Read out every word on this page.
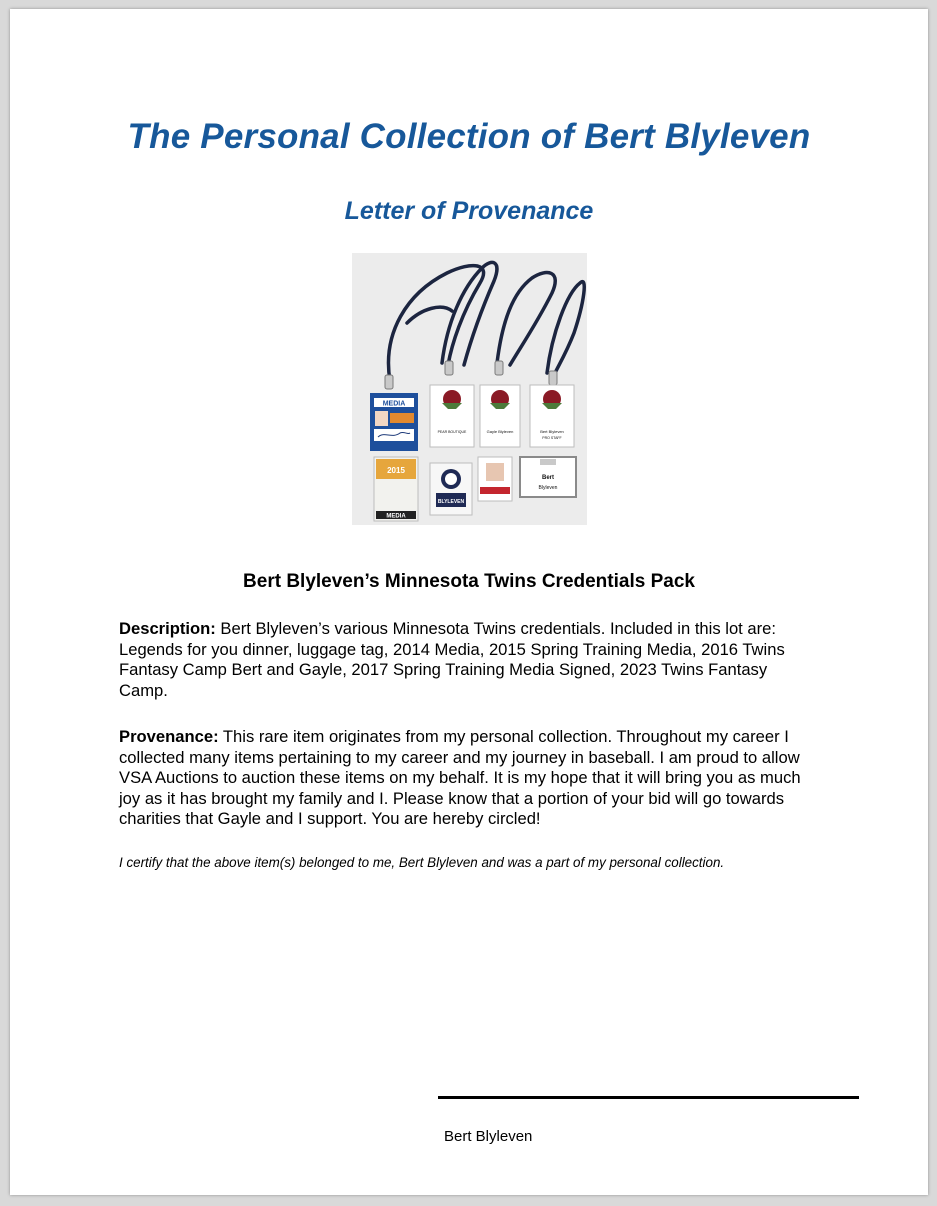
The Personal Collection of Bert Blyleven
Letter of Provenance
MEDIA
PEAR BOUTIQUE	Gayle Blyleven	Bert Blyleven
PRO STAFF
2015
MEDIA
BLYLEVEN
Bert
Blyleven
Bert Blyleven’s Minnesota Twins Credentials Pack

Description: Bert Blyleven’s various Minnesota Twins credentials. Included in this lot are: Legends for you dinner, luggage tag, 2014 Media, 2015 Spring Training Media, 2016 Twins Fantasy Camp Bert and Gayle, 2017 Spring Training Media Signed, 2023 Twins Fantasy Camp.

Provenance: This rare item originates from my personal collection. Throughout my career I collected many items pertaining to my career and my journey in baseball. I am proud to allow VSA Auctions to auction these items on my behalf. It is my hope that it will bring you as much joy as it has brought my family and I. Please know that a portion of your bid will go towards charities that Gayle and I support. You are hereby circled!

I certify that the above item(s) belonged to me, Bert Blyleven and was a part of my personal collection.

Bert Blyleven
